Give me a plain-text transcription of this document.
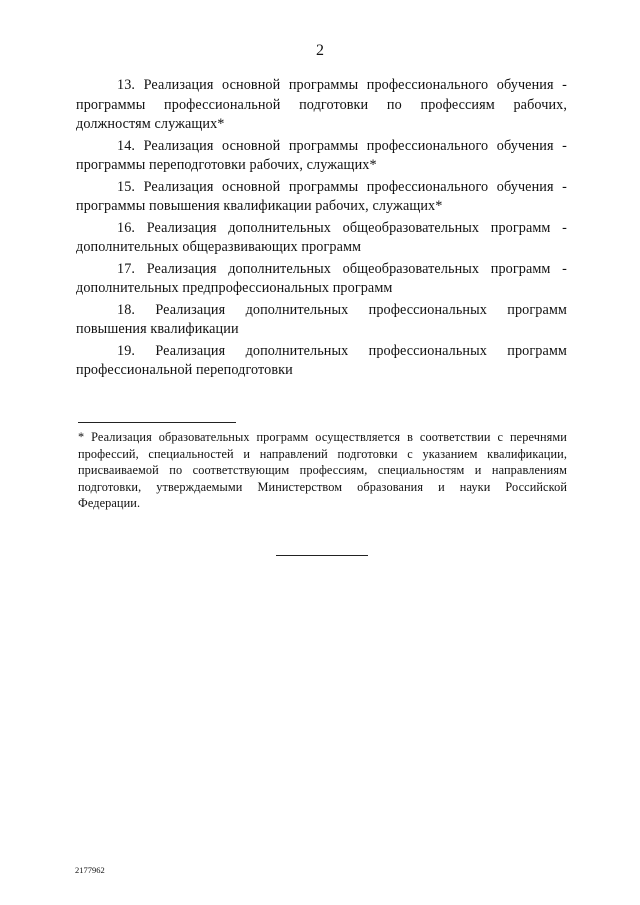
2

13. Реализация основной программы профессионального обучения -
программы профессиональной подготовки по профессиям рабочих,
должностям служащих*

14. Реализация основной программы профессионального обучения -
программы переподготовки рабочих, служащих*

15. Реализация основной программы профессионального обучения -
программы повышения квалификации рабочих, служащих*

16. Реализация дополнительных общеобразовательных программ -
дополнительных общеразвивающих программ

17. Реализация дополнительных общеобразовательных программ -
дополнительных предпрофессиональных программ

18. Реализация дополнительных профессиональных программ
повышения квалификации

19. Реализация дополнительных профессиональных программ
профессиональной переподготовки

* Реализация образовательных программ осуществляется в соответствии с перечнями
профессий, специальностей и направлений подготовки с указанием квалификации,
присваиваемой по соответствующим профессиям, специальностям и направлениям
подготовки, утверждаемыми Министерством образования и науки Российской
Федерации.
2177962
